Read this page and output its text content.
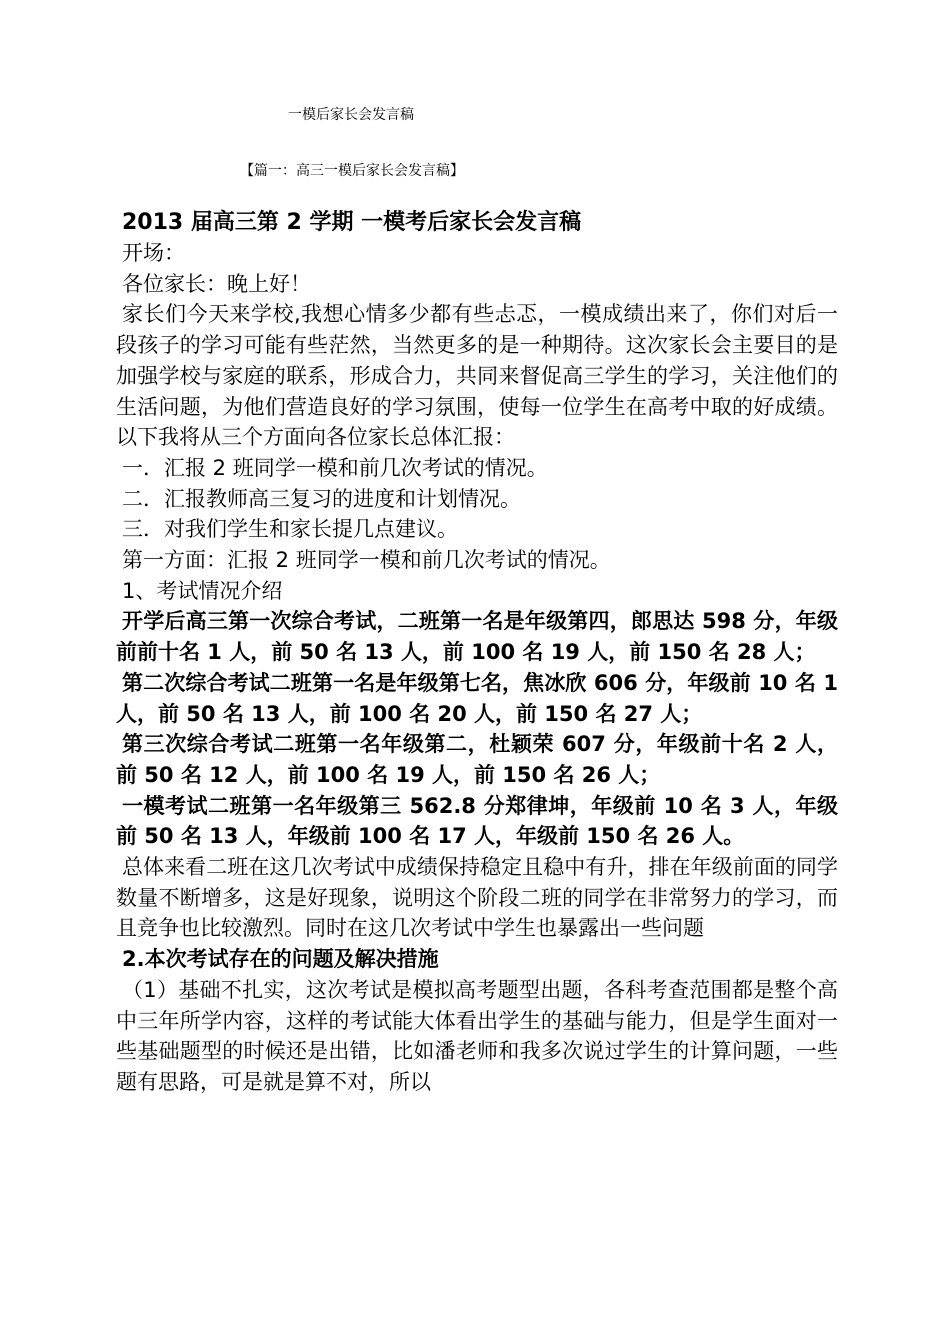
一模后家长会发言稿
【篇一：高三一模后家长会发言稿】
2013 届高三第 2 学期 一模考后家长会发言稿

开场：

各位家长：晚上好！

家长们今天来学校,我想心情多少都有些忐忑，一模成绩出来了，你们对后一段孩子的学习可能有些茫然，当然更多的是一种期待。这次家长会主要目的是加强学校与家庭的联系，形成合力，共同来督促高三学生的学习，关注他们的生活问题，为他们营造良好的学习氛围，使每一位学生在高考中取的好成绩。 以下我将从三个方面向各位家长总体汇报：

一．汇报 2 班同学一模和前几次考试的情况。

二．汇报教师高三复习的进度和计划情况。

三．对我们学生和家长提几点建议。

第一方面：汇报 2 班同学一模和前几次考试的情况。

1、考试情况介绍

开学后高三第一次综合考试，二班第一名是年级第四，郎思达 598 分，年级前前十名 1 人，前 50 名 13 人，前 100 名 19 人，前 150 名 28 人；

第二次综合考试二班第一名是年级第七名，焦冰欣 606 分，年级前 10 名 1 人，前 50 名 13 人，前 100 名 20 人，前 150 名 27 人；

第三次综合考试二班第一名年级第二，杜颖荣 607 分，年级前十名 2 人，前 50 名 12 人，前 100 名 19 人，前 150 名 26 人；

一模考试二班第一名年级第三 562.8 分郑律坤，年级前 10 名 3 人，年级前 50 名 13 人，年级前 100 名 17 人，年级前 150 名 26 人。

总体来看二班在这几次考试中成绩保持稳定且稳中有升，排在年级前面的同学数量不断增多，这是好现象，说明这个阶段二班的同学在非常努力的学习，而且竞争也比较激烈。同时在这几次考试中学生也暴露出一些问题

2.本次考试存在的问题及解决措施

（1）基础不扎实，这次考试是模拟高考题型出题，各科考查范围都是整个高中三年所学内容，这样的考试能大体看出学生的基础与能力，但是学生面对一些基础题型的时候还是出错，比如潘老师和我多次说过学生的计算问题，一些题有思路，可是就是算不对，所以
